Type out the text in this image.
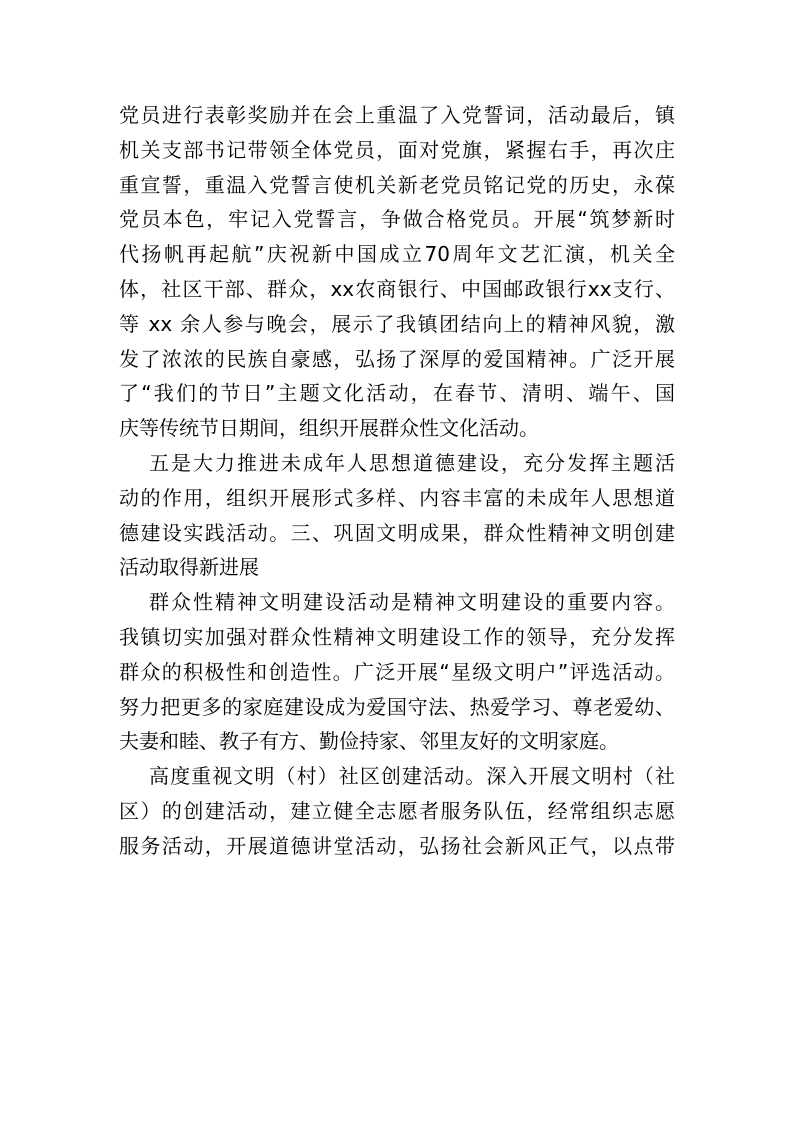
党员进行表彰奖励并在会上重温了入党誓词，活动最后，镇
机关支部书记带领全体党员，面对党旗，紧握右手，再次庄
重宣誓，重温入党誓言使机关新老党员铭记党的历史，永葆
党员本色，牢记入党誓言，争做合格党员。开展“筑梦新时
代扬帆再起航”庆祝新中国成立70周年文艺汇演，机关全
体，社区干部、群众，xx农商银行、中国邮政银行xx支行、
等 xx 余人参与晚会，展示了我镇团结向上的精神风貌，激
发了浓浓的民族自豪感，弘扬了深厚的爱国精神。广泛开展
了“我们的节日”主题文化活动，在春节、清明、端午、国
庆等传统节日期间，组织开展群众性文化活动。
五是大力推进未成年人思想道德建设，充分发挥主题活
动的作用，组织开展形式多样、内容丰富的未成年人思想道
德建设实践活动。三、巩固文明成果，群众性精神文明创建
活动取得新进展
群众性精神文明建设活动是精神文明建设的重要内容。
我镇切实加强对群众性精神文明建设工作的领导，充分发挥
群众的积极性和创造性。广泛开展“星级文明户”评选活动。
努力把更多的家庭建设成为爱国守法、热爱学习、尊老爱幼、
夫妻和睦、教子有方、勤俭持家、邻里友好的文明家庭。
高度重视文明（村）社区创建活动。深入开展文明村（社
区）的创建活动，建立健全志愿者服务队伍，经常组织志愿
服务活动，开展道德讲堂活动，弘扬社会新风正气，以点带
